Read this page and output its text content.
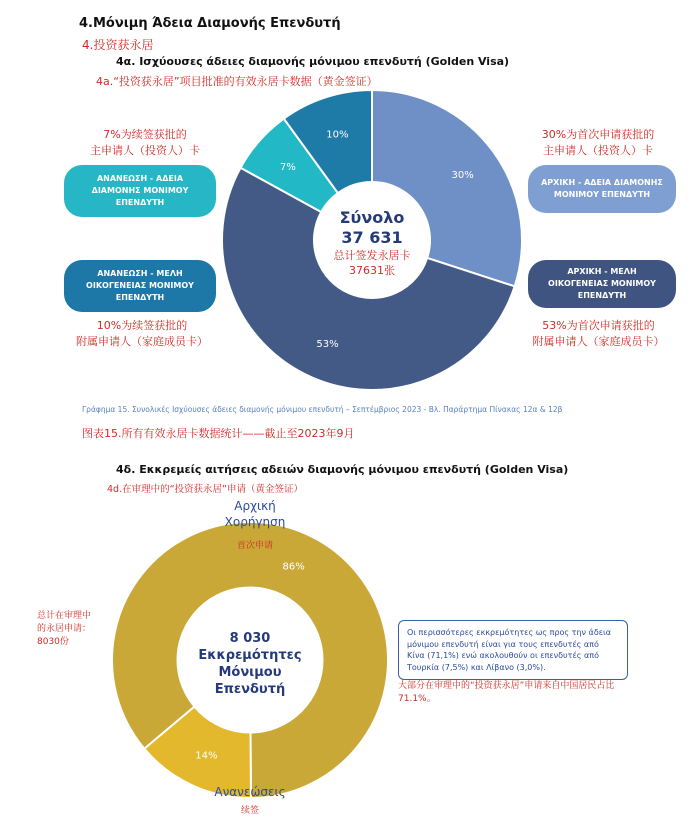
4.Μόνιμη Άδεια Διαμονής Επενδυτή
4.投资获永居
4α. Ισχύουσες άδειες διαμονής μόνιμου επενδυτή (Golden Visa)
4a.“投资获永居”项目批准的有效永居卡数据（黄金签证）
30%
53%
7%
10%
86%
14%
Σύνολο
37 631
总计签发永居卡
37631张
7%为续签获批的
主申请人（投资人）卡
ΑΝΑΝΕΩΣΗ - ΑΔΕΙΑ ΔΙΑΜΟΝΗΣ ΜΟΝΙΜΟΥ ΕΠΕΝΔΥΤΗ
ΑΝΑΝΕΩΣΗ - ΜΕΛΗ ΟΙΚΟΓΕΝΕΙΑΣ ΜΟΝΙΜΟΥ ΕΠΕΝΔΥΤΗ
10%为续签获批的
附属申请人（家庭成员卡）
30%为首次申请获批的
主申请人（投资人）卡
ΑΡΧΙΚΗ - ΑΔΕΙΑ ΔΙΑΜΟΝΗΣ ΜΟΝΙΜΟΥ ΕΠΕΝΔΥΤΗ
ΑΡΧΙΚΗ - ΜΕΛΗ ΟΙΚΟΓΕΝΕΙΑΣ ΜΟΝΙΜΟΥ ΕΠΕΝΔΥΤΗ
53%为首次申请获批的
附属申请人（家庭成员卡）
Γράφημα 15. Συνολικές Ισχύουσες άδειες διαμονής μόνιμου επενδυτή – Σεπτέμβριος 2023 - Βλ. Παράρτημα Πίνακας 12α & 12β
图表15.所有有效永居卡数据统计——截止至2023年9月
4δ. Εκκρεμείς αιτήσεις αδειών διαμονής μόνιμου επενδυτή (Golden Visa)
4d.在审理中的“投资获永居”申请（黄金签证）
Αρχική
Χορήγηση
首次申请
总计在审理中
的永居申请：
8030份	8 030
Εκκρεμότητες
Μόνιμου
Επενδυτή
Ανανεώσεις
续签
Οι περισσότερες εκκρεμότητες ως προς την άδεια μόνιμου επενδυτή είναι για τους επενδυτές από Κίνα (71,1%) ενώ ακολουθούν οι επενδυτές από Τουρκία (7,5%) και Λίβανο (3,0%).
大部分在审理中的“投资获永居”申请来自中国居民占比71.1%。
